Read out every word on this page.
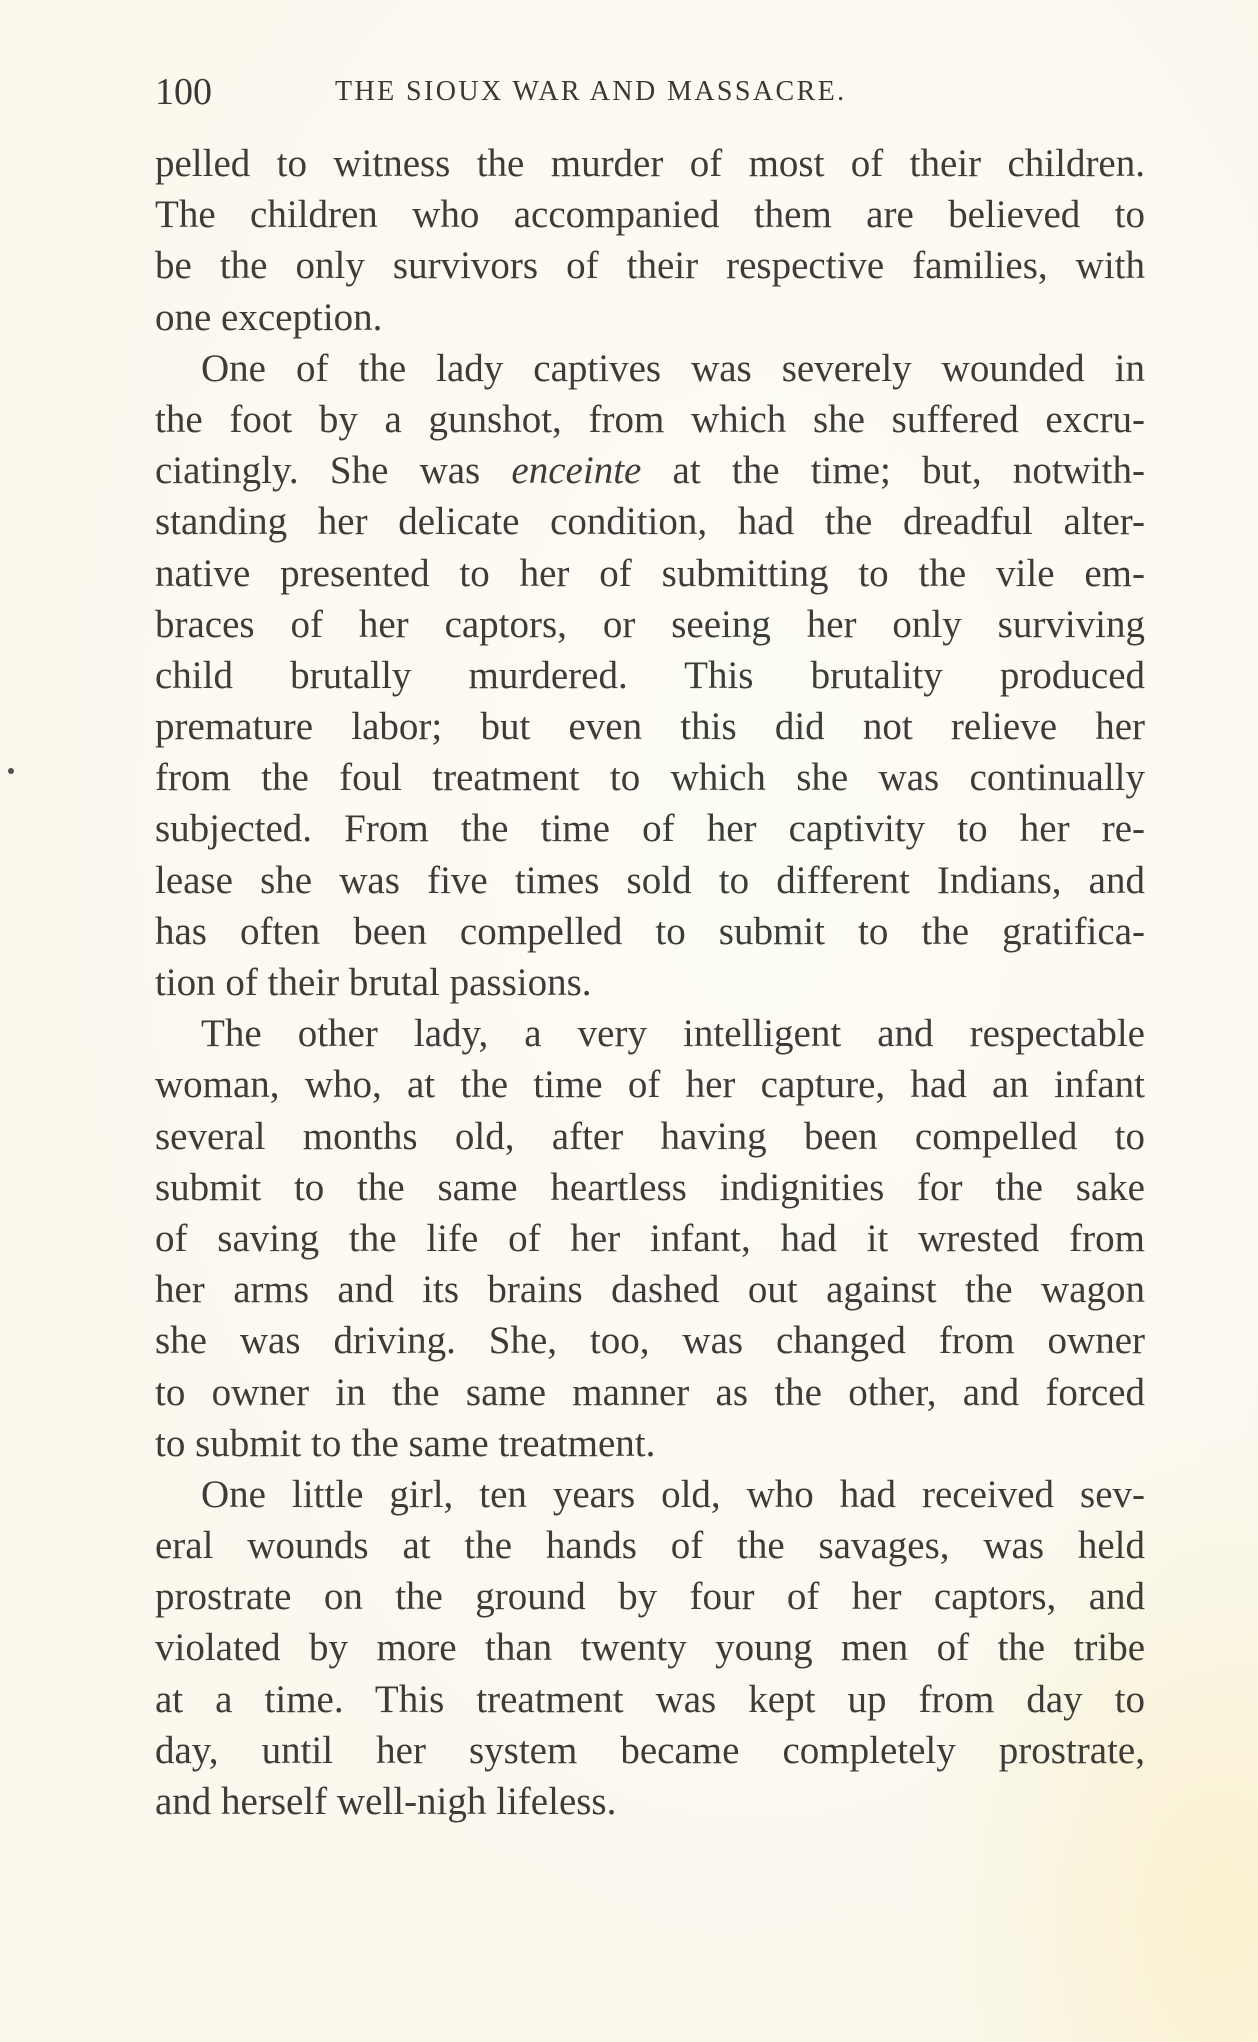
100	THE SIOUX WAR AND MASSACRE.
pelled to witness the murder of most of their children.
The children who accompanied them are believed to
be the only survivors of their respective families, with
one exception.
One of the lady captives was severely wounded in
the foot by a gunshot, from which she suffered excru-
ciatingly. She was enceinte at the time; but, notwith-
standing her delicate condition, had the dreadful alter-
native presented to her of submitting to the vile em-
braces of her captors, or seeing her only surviving
child brutally murdered. This brutality produced
premature labor; but even this did not relieve her
from the foul treatment to which she was continually
subjected. From the time of her captivity to her re-
lease she was five times sold to different Indians, and
has often been compelled to submit to the gratifica-
tion of their brutal passions.
The other lady, a very intelligent and respectable
woman, who, at the time of her capture, had an infant
several months old, after having been compelled to
submit to the same heartless indignities for the sake
of saving the life of her infant, had it wrested from
her arms and its brains dashed out against the wagon
she was driving. She, too, was changed from owner
to owner in the same manner as the other, and forced
to submit to the same treatment.
One little girl, ten years old, who had received sev-
eral wounds at the hands of the savages, was held
prostrate on the ground by four of her captors, and
violated by more than twenty young men of the tribe
at a time. This treatment was kept up from day to
day, until her system became completely prostrate,
and herself well-nigh lifeless.
